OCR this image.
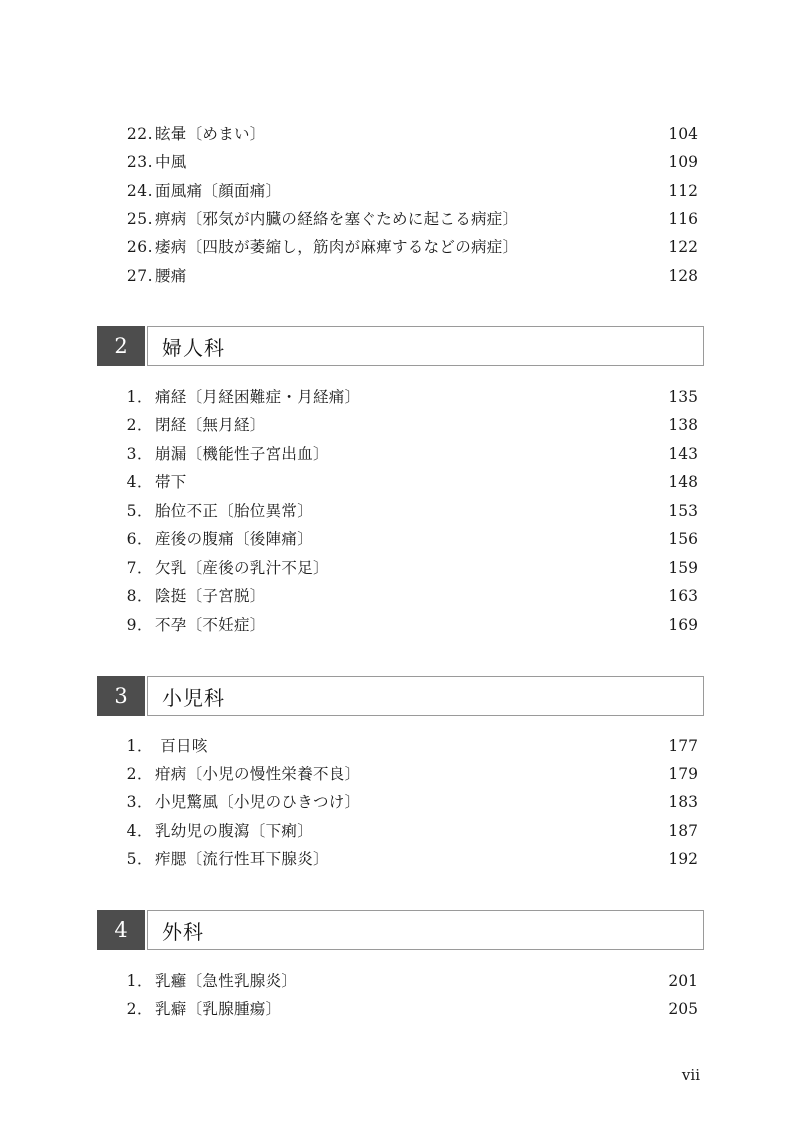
22. 眩暈〔めまい〕	104
23. 中風	109
24. 面風痛〔顔面痛〕	112
25. 痹病〔邪気が内臓の経絡を塞ぐために起こる病症〕	116
26. 痿病〔四肢が萎縮し，筋肉が麻痺するなどの病症〕	122
27. 腰痛	128
2	婦人科
1． 痛経〔月経困難症・月経痛〕	135
2． 閉経〔無月経〕	138
3． 崩漏〔機能性子宮出血〕	143
4． 帯下	148
5． 胎位不正〔胎位異常〕	153
6． 産後の腹痛〔後陣痛〕	156
7． 欠乳〔産後の乳汁不足〕	159
8． 陰挺〔子宮脱〕	163
9． 不孕〔不妊症〕	169
3	小児科
1． 百日咳	177
2． 疳病〔小児の慢性栄養不良〕	179
3． 小児驚風〔小児のひきつけ〕	183
4． 乳幼児の腹瀉〔下痢〕	187
5． 痄腮〔流行性耳下腺炎〕	192
4	外科
1． 乳癰〔急性乳腺炎〕	201
2． 乳癖〔乳腺腫瘍〕	205
vii
